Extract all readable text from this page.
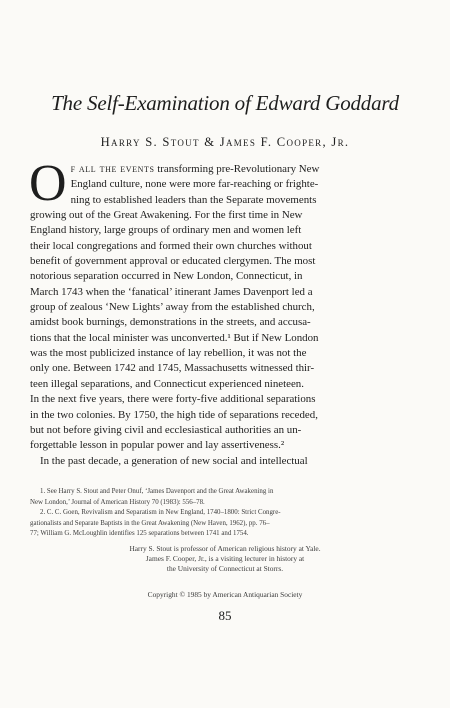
The Self-Examination of Edward Goddard
Harry S. Stout & James F. Cooper, Jr.
O f all the events transforming pre-Revolutionary New
England culture, none were more far-reaching or frighte-
ning to established leaders than the Separate movements
growing out of the Great Awakening. For the first time in New
England history, large groups of ordinary men and women left
their local congregations and formed their own churches without
benefit of government approval or educated clergymen. The most
notorious separation occurred in New London, Connecticut, in
March 1743 when the ‘fanatical’ itinerant James Davenport led a
group of zealous ‘New Lights’ away from the established church,
amidst book burnings, demonstrations in the streets, and accusa-
tions that the local minister was unconverted.¹ But if New London
was the most publicized instance of lay rebellion, it was not the
only one. Between 1742 and 1745, Massachusetts witnessed thir-
teen illegal separations, and Connecticut experienced nineteen.
In the next five years, there were forty-five additional separations
in the two colonies. By 1750, the high tide of separations receded,
but not before giving civil and ecclesiastical authorities an un-
forgettable lesson in popular power and lay assertiveness.²
In the past decade, a generation of new social and intellectual
1. See Harry S. Stout and Peter Onuf, ‘James Davenport and the Great Awakening in
New London,’ Journal of American History 70 (1983): 556–78.
2. C. C. Goen, Revivalism and Separatism in New England, 1740–1800: Strict Congre-
gationalists and Separate Baptists in the Great Awakening (New Haven, 1962), pp. 76–
77; William G. McLoughlin identifies 125 separations between 1741 and 1754.
Harry S. Stout is professor of American religious history at Yale.
James F. Cooper, Jr., is a visiting lecturer in history at
the University of Connecticut at Storrs.
Copyright © 1985 by American Antiquarian Society
85
